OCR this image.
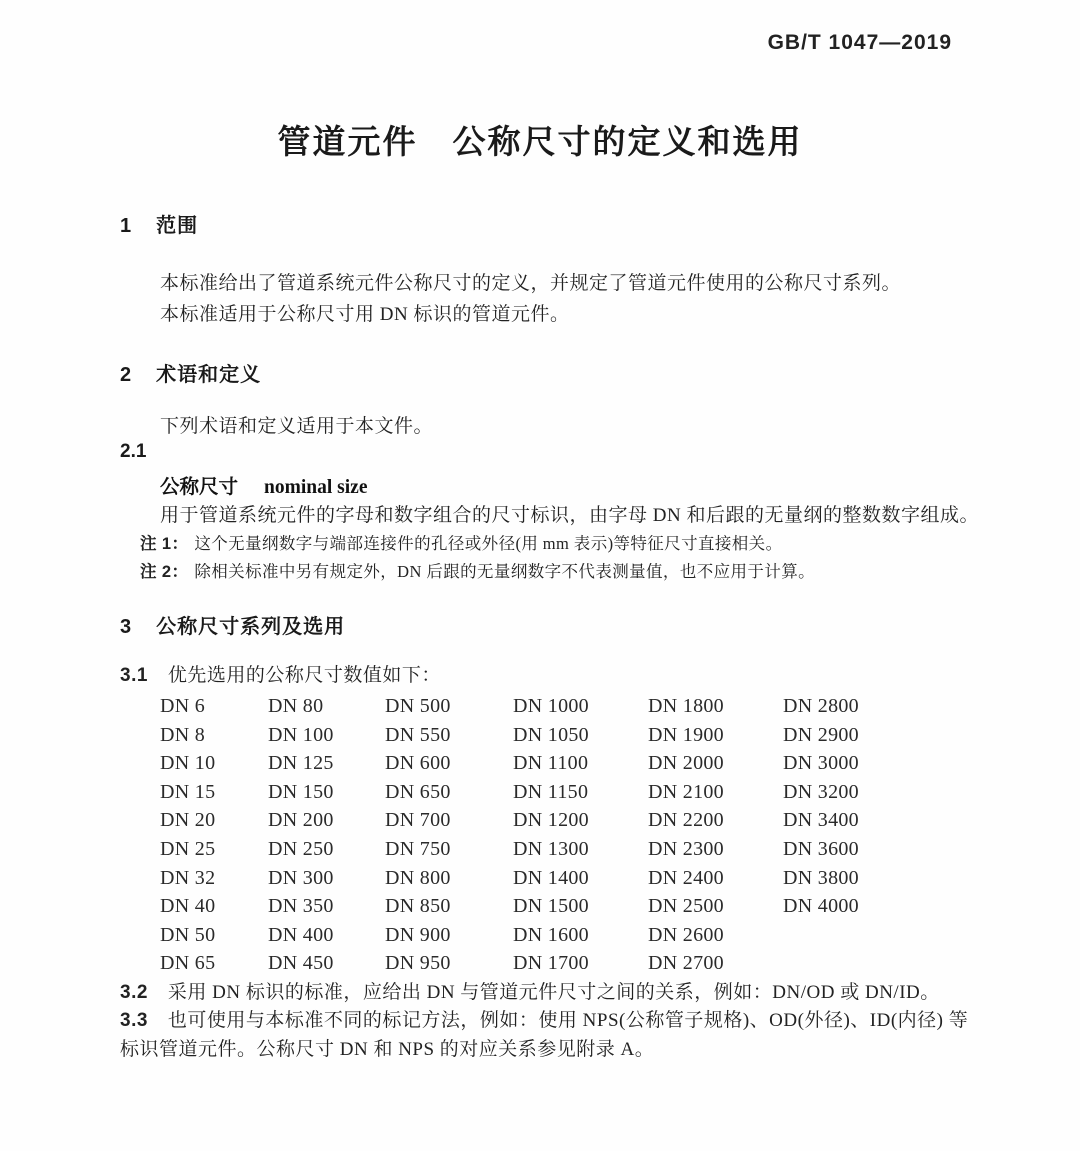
GB/T 1047—2019
管道元件　公称尺寸的定义和选用
1 范围
本标准给出了管道系统元件公称尺寸的定义，并规定了管道元件使用的公称尺寸系列。
本标准适用于公称尺寸用 DN 标识的管道元件。
2 术语和定义
下列术语和定义适用于本文件。
2.1
公称尺寸 nominal size
用于管道系统元件的字母和数字组合的尺寸标识，由字母 DN 和后跟的无量纲的整数数字组成。
注 1： 这个无量纲数字与端部连接件的孔径或外径(用 mm 表示)等特征尺寸直接相关。
注 2： 除相关标准中另有规定外，DN 后跟的无量纲数字不代表测量值，也不应用于计算。
3 公称尺寸系列及选用
3.1 优先选用的公称尺寸数值如下：
DN 6	DN 80	DN 500	DN 1000	DN 1800	DN 2800
DN 8	DN 100	DN 550	DN 1050	DN 1900	DN 2900
DN 10	DN 125	DN 600	DN 1100	DN 2000	DN 3000
DN 15	DN 150	DN 650	DN 1150	DN 2100	DN 3200
DN 20	DN 200	DN 700	DN 1200	DN 2200	DN 3400
DN 25	DN 250	DN 750	DN 1300	DN 2300	DN 3600
DN 32	DN 300	DN 800	DN 1400	DN 2400	DN 3800
DN 40	DN 350	DN 850	DN 1500	DN 2500	DN 4000
DN 50	DN 400	DN 900	DN 1600	DN 2600
DN 65	DN 450	DN 950	DN 1700	DN 2700
3.2 采用 DN 标识的标准，应给出 DN 与管道元件尺寸之间的关系，例如：DN/OD 或 DN/ID。
3.3 也可使用与本标准不同的标记方法，例如：使用 NPS(公称管子规格)、OD(外径)、ID(内径) 等标识管道元件。公称尺寸 DN 和 NPS 的对应关系参见附录 A。
